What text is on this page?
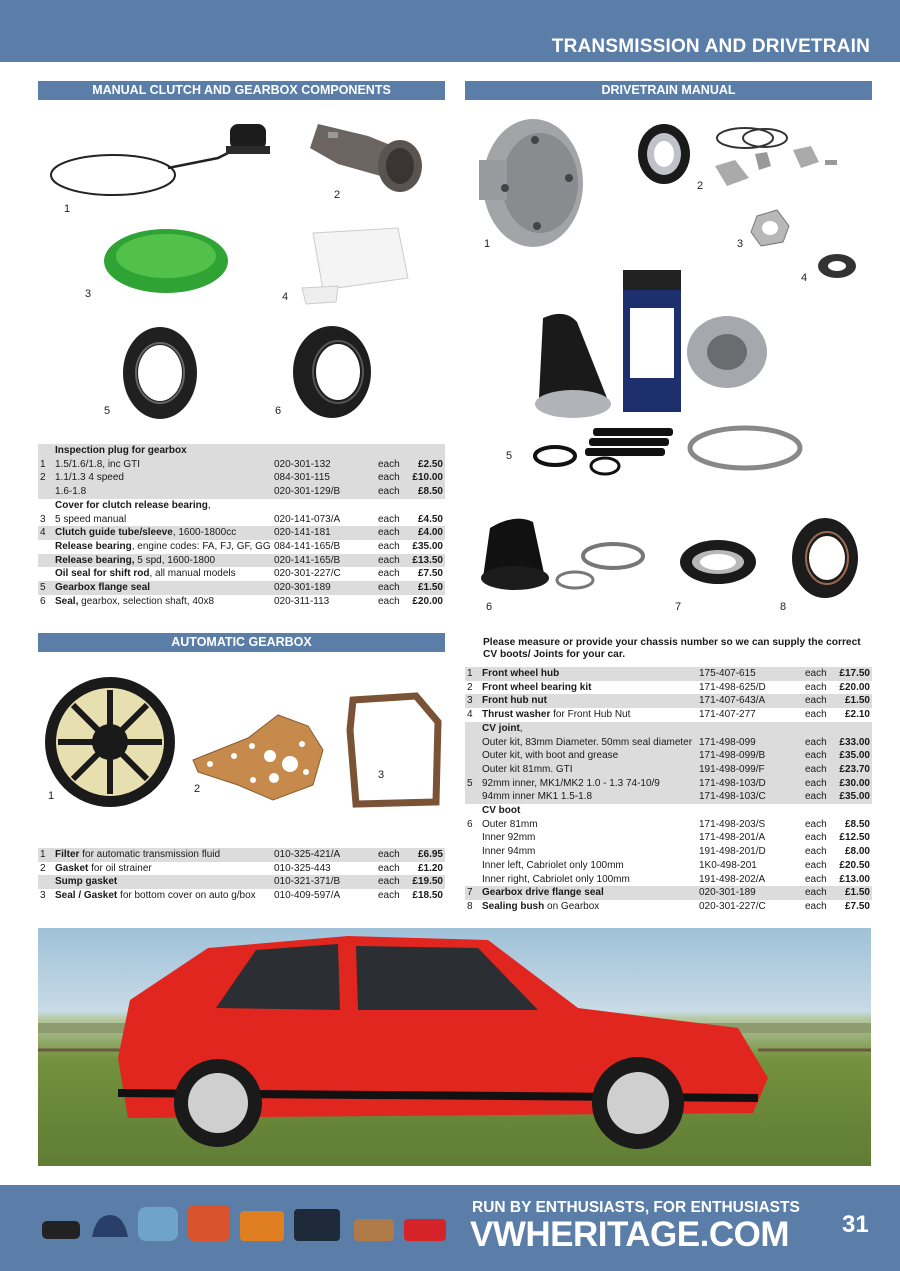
TRANSMISSION AND DRIVETRAIN
MANUAL CLUTCH AND GEARBOX COMPONENTS	DRIVETRAIN MANUAL
AUTOMATIC GEARBOX
1
2
3	4
5	6
	Inspection plug for gearbox			
1	1.5/1.6/1.8, inc GTI	020-301-132	each	£2.50
2	1.1/1.3 4 speed	084-301-115	each	£10.00
	1.6-1.8	020-301-129/B	each	£8.50
	Cover for clutch release bearing,			
3	5 speed manual	020-141-073/A	each	£4.50
4	Clutch guide tube/sleeve, 1600-1800cc	020-141-181	each	£4.00
	Release bearing, engine codes: FA, FJ, GF, GG	084-141-165/B	each	£35.00
	Release bearing, 5 spd, 1600-1800	020-141-165/B	each	£13.50
	Oil seal for shift rod, all manual models	020-301-227/C	each	£7.50
5	Gearbox flange seal	020-301-189	each	£1.50
6	Seal, gearbox, selection shaft, 40x8	020-311-113	each	£20.00
1
2
3
1	Filter for automatic transmission fluid	010-325-421/A	each	£6.95
2	Gasket for oil strainer	010-325-443	each	£1.20
	Sump gasket	010-321-371/B	each	£19.50
3	Seal / Gasket for bottom cover on auto g/box	010-409-597/A	each	£18.50
1
2
3
4
5
6	7	8
Please measure or provide your chassis number so we can supply the correct CV boots/ Joints for your car.
1	Front wheel hub	175-407-615	each	£17.50
2	Front wheel bearing kit	171-498-625/D	each	£20.00
3	Front hub nut	171-407-643/A	each	£1.50
4	Thrust washer for Front Hub Nut	171-407-277	each	£2.10
	CV joint,			
	Outer kit, 83mm Diameter. 50mm seal diameter	171-498-099	each	£33.00
	Outer kit, with boot and grease	171-498-099/B	each	£35.00
	Outer kit 81mm. GTI	191-498-099/F	each	£23.70
5	92mm inner, MK1/MK2 1.0 - 1.3 74-10/9	171-498-103/D	each	£30.00
	94mm inner MK1 1.5-1.8	171-498-103/C	each	£35.00
	CV boot			
6	Outer 81mm	171-498-203/S	each	£8.50
	Inner 92mm	171-498-201/A	each	£12.50
	Inner 94mm	191-498-201/D	each	£8.00
	Inner left, Cabriolet only 100mm	1K0-498-201	each	£20.50
	Inner right, Cabriolet only 100mm	191-498-202/A	each	£13.00
7	Gearbox drive flange seal	020-301-189	each	£1.50
8	Sealing bush on Gearbox	020-301-227/C	each	£7.50
RUN BY ENTHUSIASTS, FOR ENTHUSIASTS
VWHERITAGE.COM 31
